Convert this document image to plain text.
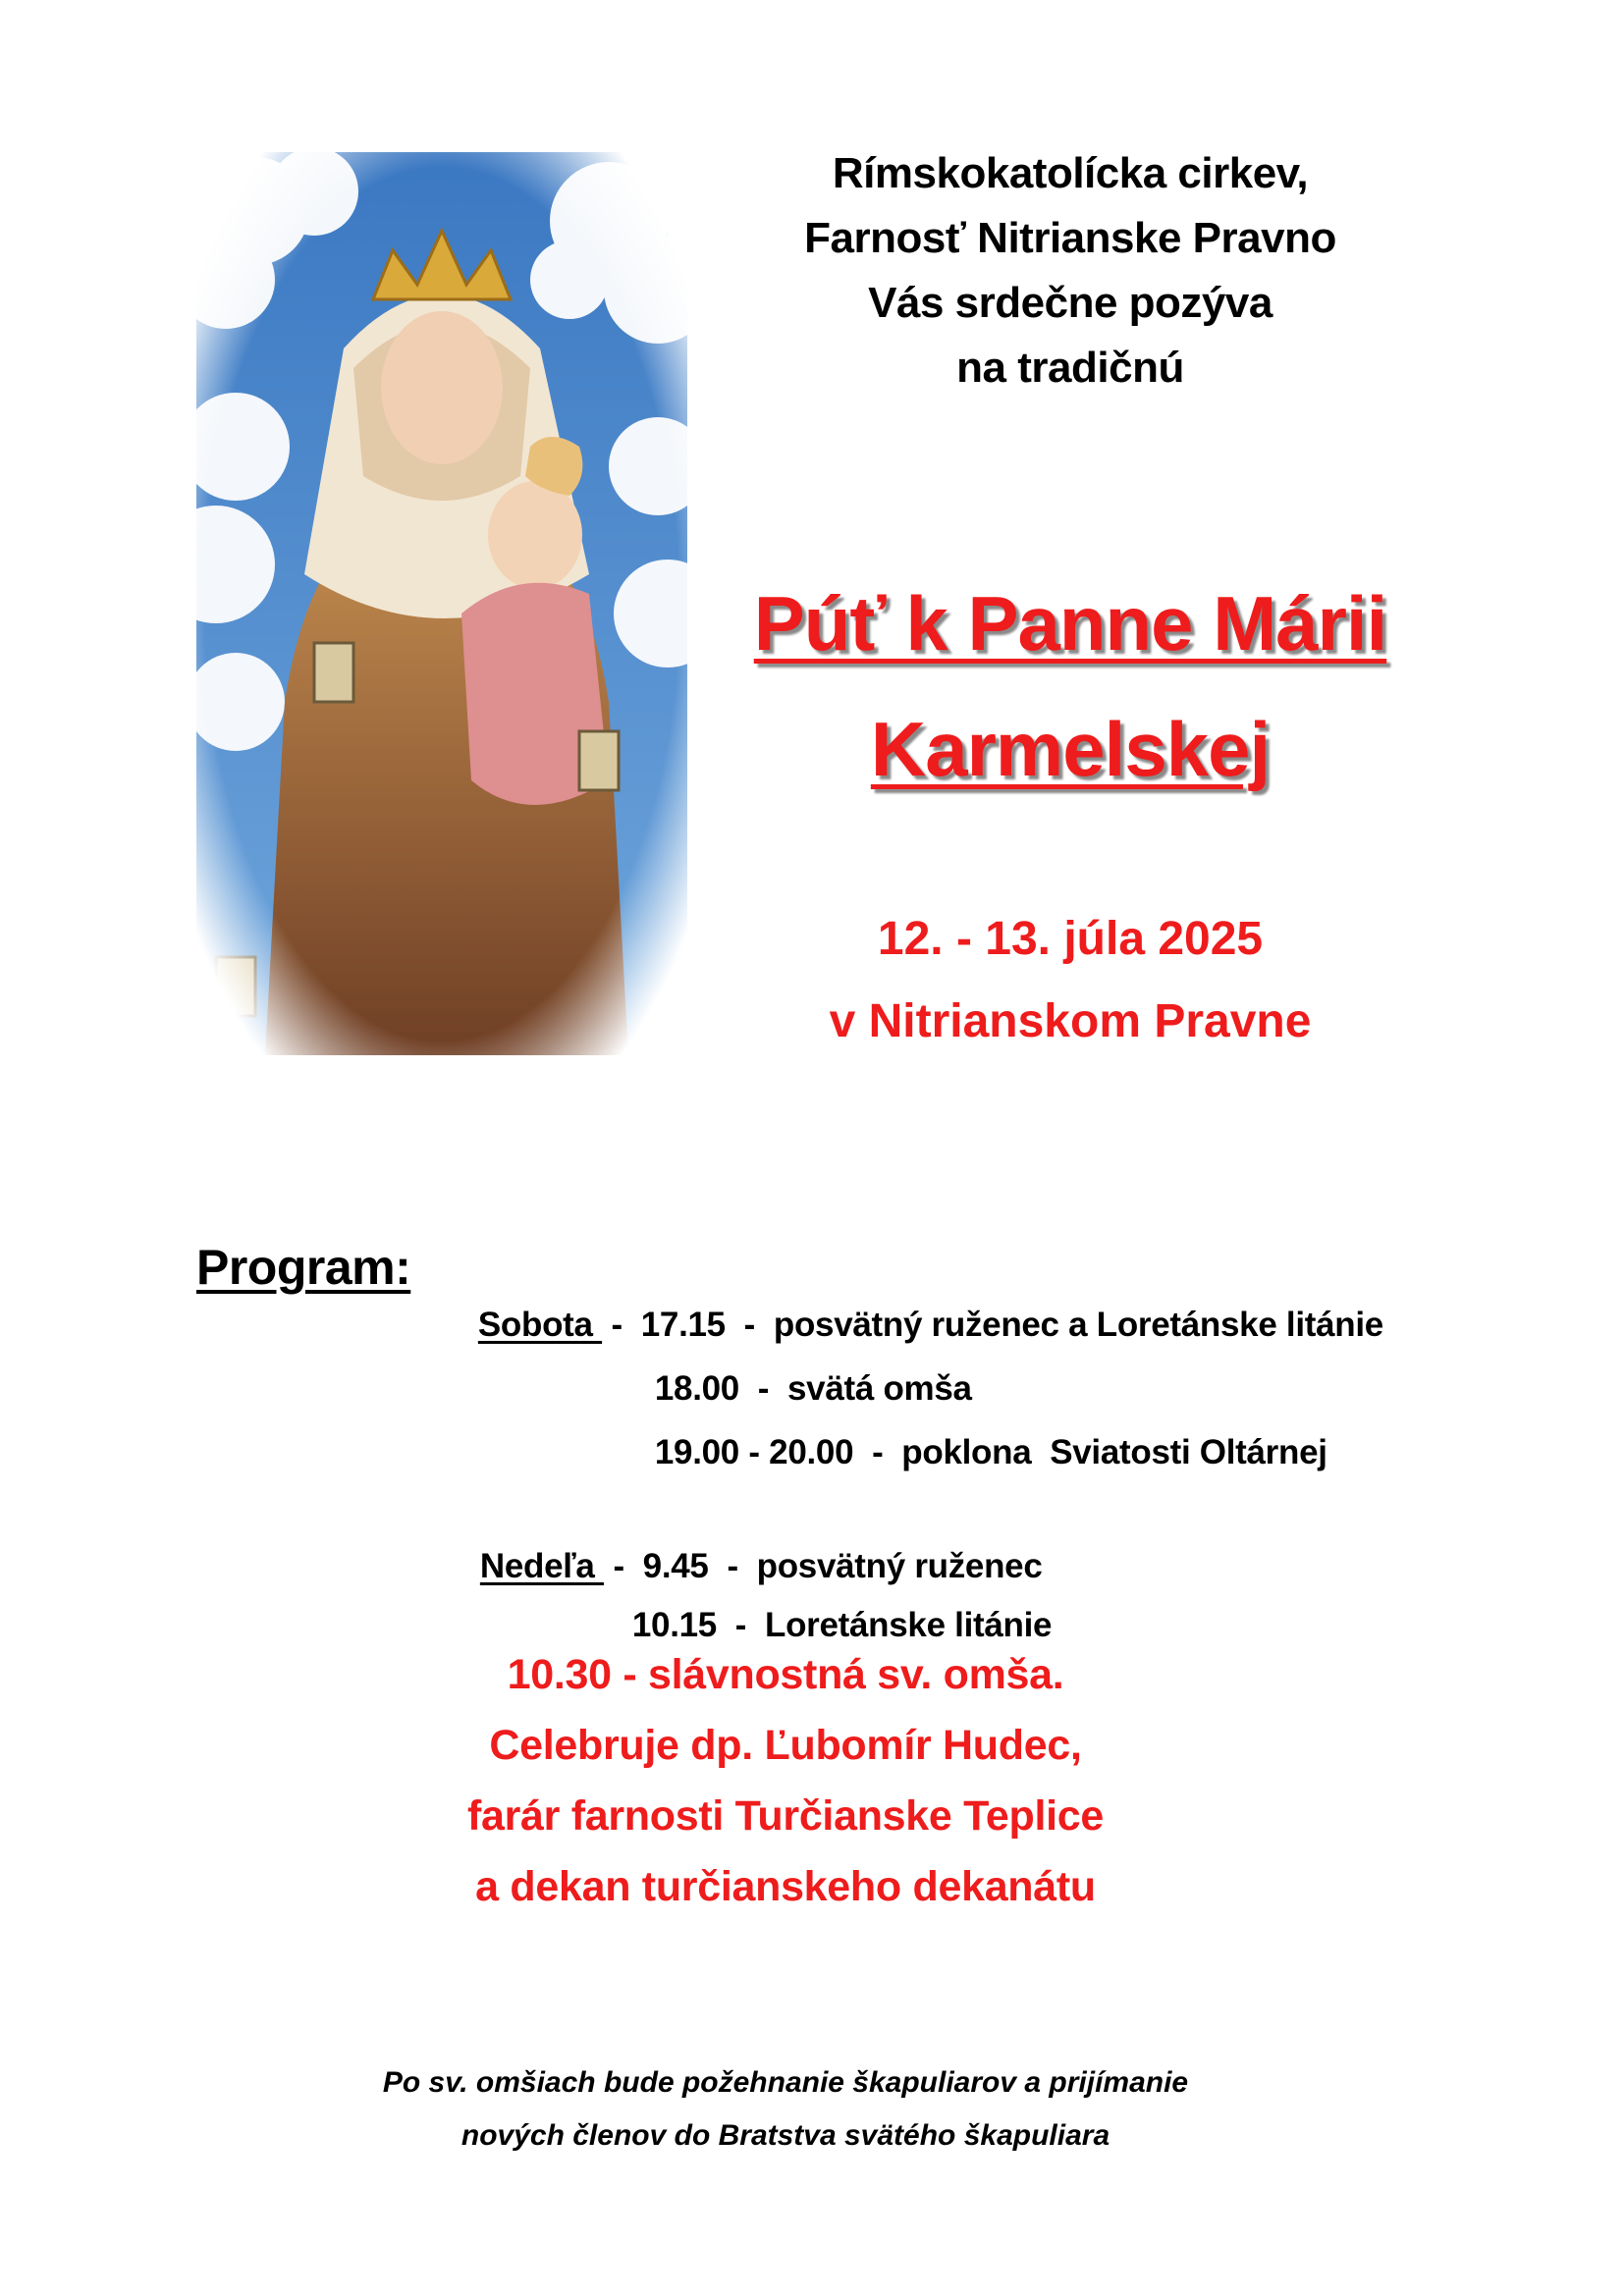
Rímskokatolícka cirkev,
Farnosť Nitrianske Pravno
Vás srdečne pozýva
na tradičnú
Púť k Panne Márii
Karmelskej
12. - 13. júla 2025
v Nitrianskom Pravne
Program:

Sobota  -  17.15  -  posvätný ruženec a Loretánske litánie

18.00  -  svätá omša

19.00 - 20.00  -  poklona  Sviatosti Oltárnej

Nedeľa  -  9.45  -  posvätný ruženec

10.15  -  Loretánske litánie

10.30 - slávnostná sv. omša.
Celebruje dp. Ľubomír Hudec,
farár farnosti Turčianske Teplice
a dekan turčianskeho dekanátu
Po sv. omšiach bude požehnanie škapuliarov a prijímanie
nových členov do Bratstva svätého škapuliara
